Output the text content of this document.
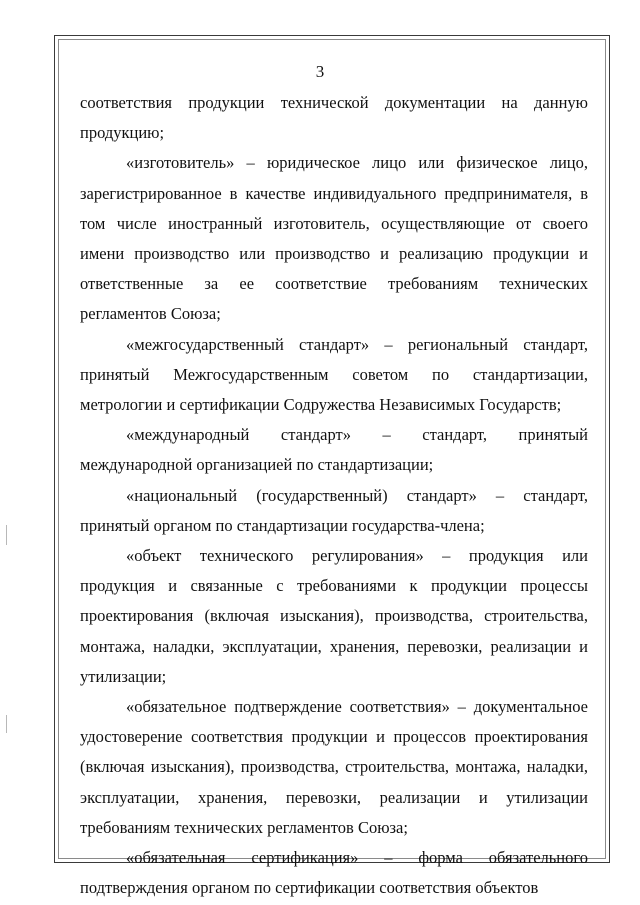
3

соответствия продукции технической документации на данную продукцию;

«изготовитель» – юридическое лицо или физическое лицо, зарегистрированное в качестве индивидуального предпринимателя, в том числе иностранный изготовитель, осуществляющие от своего имени производство или производство и реализацию продукции и ответственные за ее соответствие требованиям технических регламентов Союза;

«межгосударственный стандарт» – региональный стандарт, принятый Межгосударственным советом по стандартизации, метрологии и сертификации Содружества Независимых Государств;

«международный стандарт» – стандарт, принятый международной организацией по стандартизации;

«национальный (государственный) стандарт» – стандарт, принятый органом по стандартизации государства-члена;

«объект технического регулирования» – продукция или продукция и связанные с требованиями к продукции процессы проектирования (включая изыскания), производства, строительства, монтажа, наладки, эксплуатации, хранения, перевозки, реализации и утилизации;

«обязательное подтверждение соответствия» – документальное удостоверение соответствия продукции и процессов проектирования (включая изыскания), производства, строительства, монтажа, наладки, эксплуатации, хранения, перевозки, реализации и утилизации требованиям технических регламентов Союза;

«обязательная сертификация» – форма обязательного подтверждения органом по сертификации соответствия объектов
